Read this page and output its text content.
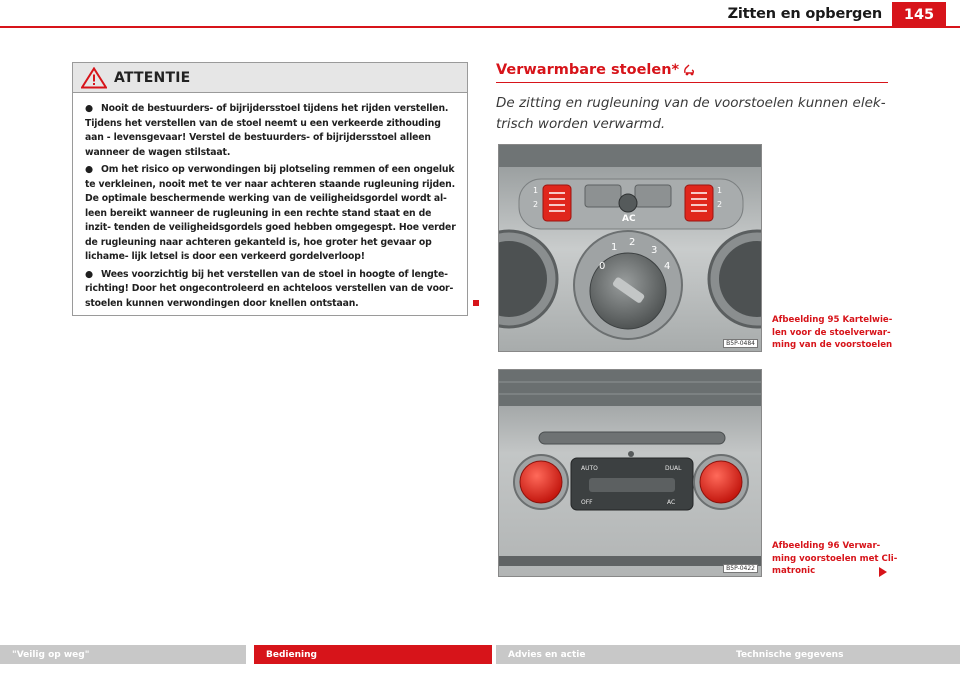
Zitten en opbergen	145
ATTENTIE

● Nooit de bestuurders- of bijrijdersstoel tijdens het rijden verstellen. Tijdens het verstellen van de stoel neemt u een verkeerde zithouding aan - levensgevaar! Verstel de bestuurders- of bijrijdersstoel alleen wanneer de wagen stilstaat.

● Om het risico op verwondingen bij plotseling remmen of een ongeluk te verkleinen, nooit met te ver naar achteren staande rugleuning rijden. De optimale beschermende werking van de veiligheidsgordel wordt al- leen bereikt wanneer de rugleuning in een rechte stand staat en de inzit- tenden de veiligheidsgordels goed hebben omgegespt. Hoe verder de rugleuning naar achteren gekanteld is, hoe groter het gevaar op lichame- lijk letsel is door een verkeerd gordelverloop!

● Wees voorzichtig bij het verstellen van de stoel in hoogte of lengte- richting! Door het ongecontroleerd en achteloos verstellen van de voor- stoelen kunnen verwondingen door knellen ontstaan.

Verwarmbare stoelen*

De zitting en rugleuning van de voorstoelen kunnen elek- trisch worden verwarmd.

1
2
1
2
AC
0
1 2
3
4
B5P-0484
Afbeelding 95 Kartelwie- len voor de stoelverwar- ming van de voorstoelen
AUTO	DUAL
OFF	AC
B5P-0422
Afbeelding 96 Verwar- ming voorstoelen met Cli- matronic
"Veilig op weg"	Bediening	Advies en actie	Technische gegevens
